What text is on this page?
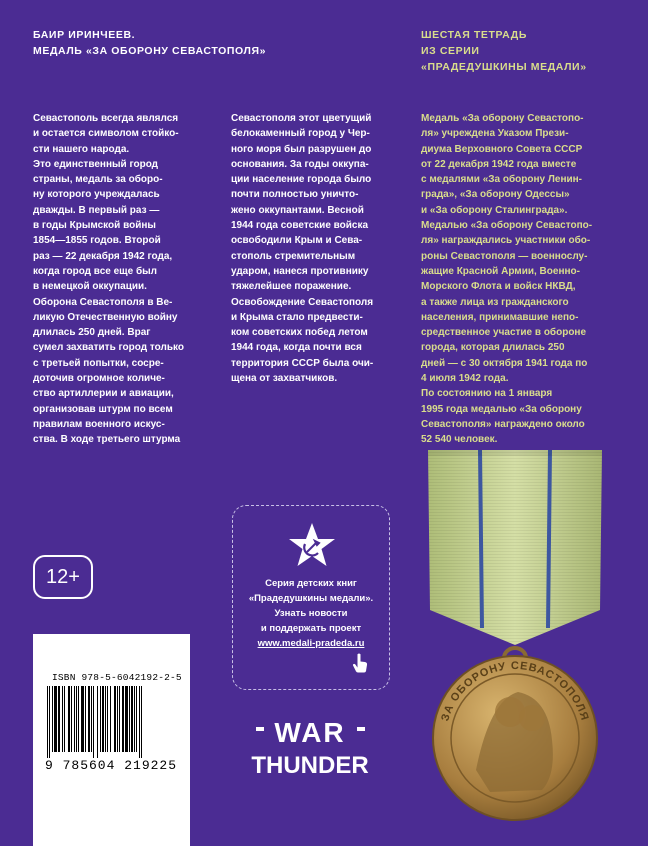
БАИР ИРИНЧЕЕВ.
МЕДАЛЬ «ЗА ОБОРОНУ СЕВАСТОПОЛЯ»
ШЕСТАЯ ТЕТРАДЬ
ИЗ СЕРИИ
«ПРАДЕДУШКИНЫ МЕДАЛИ»

Севастополь всегда являлся

и остается символом стойко-

сти нашего народа.

Это единственный город

страны, медаль за оборо-

ну которого учреждалась

дважды. В первый раз —

в годы Крымской войны

1854—1855 годов. Второй

раз — 22 декабря 1942 года,

когда город все еще был

в немецкой оккупации.

Оборона Севастополя в Ве-

ликую Отечественную войну

длилась 250 дней. Враг

сумел захватить город только

с третьей попытки, сосре-

доточив огромное количе-

ство артиллерии и авиации,

организовав штурм по всем

правилам военного искус-

ства. В ходе третьего штурма

Севастополя этот цветущий

белокаменный город у Чер-

ного моря был разрушен до

основания. За годы оккупа-

ции население города было

почти полностью уничто-

жено оккупантами. Весной

1944 года советские войска

освободили Крым и Сева-

стополь стремительным

ударом, нанеся противнику

тяжелейшее поражение.

Освобождение Севастополя

и Крыма стало предвести-

ком советских побед летом

1944 года, когда почти вся

территория СССР была очи-

щена от захватчиков.

Медаль «За оборону Севастопо-

ля» учреждена Указом Прези-

диума Верховного Совета СССР

от 22 декабря 1942 года вместе

с медалями «За оборону Ленин-

града», «За оборону Одессы»

и «За оборону Сталинграда».

Медалью «За оборону Севастопо-

ля» награждались участники обо-

роны Севастополя — военнослу-

жащие Красной Армии, Военно-

Морского Флота и войск НКВД,

а также лица из гражданского

населения, принимавшие непо-

средственное участие в обороне

города, которая длилась 250

дней — с 30 октября 1941 года по

4 июля 1942 года.

По состоянию на 1 января

1995 года медалью «За оборону

Севастополя» награждено около

52 540 человек.

12+	Серия детских книг
«Прадедушкины медали».
Узнать новости
и поддержать проект
www.medali-pradeda.ru
ISBN 978-5-6042192-2-5
9 785604 219225
WAR
THUNDER
ЗА ОБОРОНУ СЕВАСТОПОЛЯ
